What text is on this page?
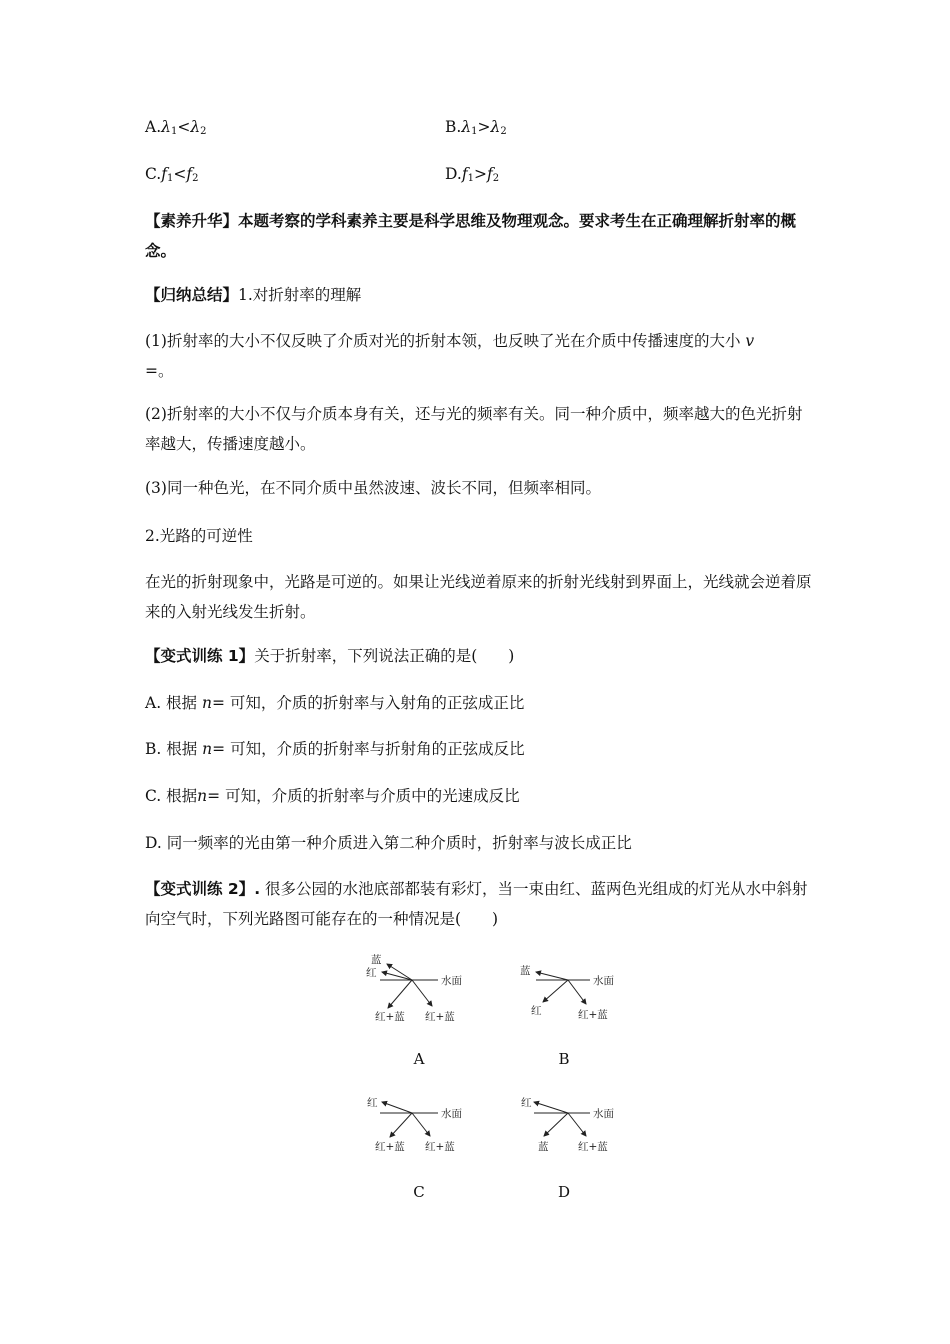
$A.\lambda_1<\lambda_2$	$B.\lambda_1>\lambda_2$
$C.f_1<f_2$	$D.f_1>f_2$
【素养升华】本题考察的学科素养主要是科学思维及物理观念。要求考生在正确理解折射率的概念。
【归纳总结】1.对折射率的理解
(1)折射率的大小不仅反映了介质对光的折射本领，也反映了光在介质中传播速度的大小 v
=。
(2)折射率的大小不仅与介质本身有关，还与光的频率有关。同一种介质中，频率越大的色光折射率越大，传播速度越小。
(3)同一种色光，在不同介质中虽然波速、波长不同，但频率相同。
2.光路的可逆性
在光的折射现象中，光路是可逆的。如果让光线逆着原来的折射光线射到界面上，光线就会逆着原来的入射光线发生折射。
【变式训练 1】关于折射率，下列说法正确的是(　　)
A. 根据 n= 可知，介质的折射率与入射角的正弦成正比
B. 根据 n= 可知，介质的折射率与折射角的正弦成反比
C. 根据n= 可知，介质的折射率与介质中的光速成反比
D. 同一频率的光由第一种介质进入第二种介质时，折射率与波长成正比
【变式训练 2】. 很多公园的水池底部都装有彩灯，当一束由红、蓝两色光组成的灯光从水中斜射向空气时，下列光路图可能存在的一种情况是(　　)
蓝
红
水面
红+蓝 红+蓝
A
蓝
水面
红	红+蓝
B
红
水面
红+蓝 红+蓝
C
红
水面
蓝	红+蓝
D
